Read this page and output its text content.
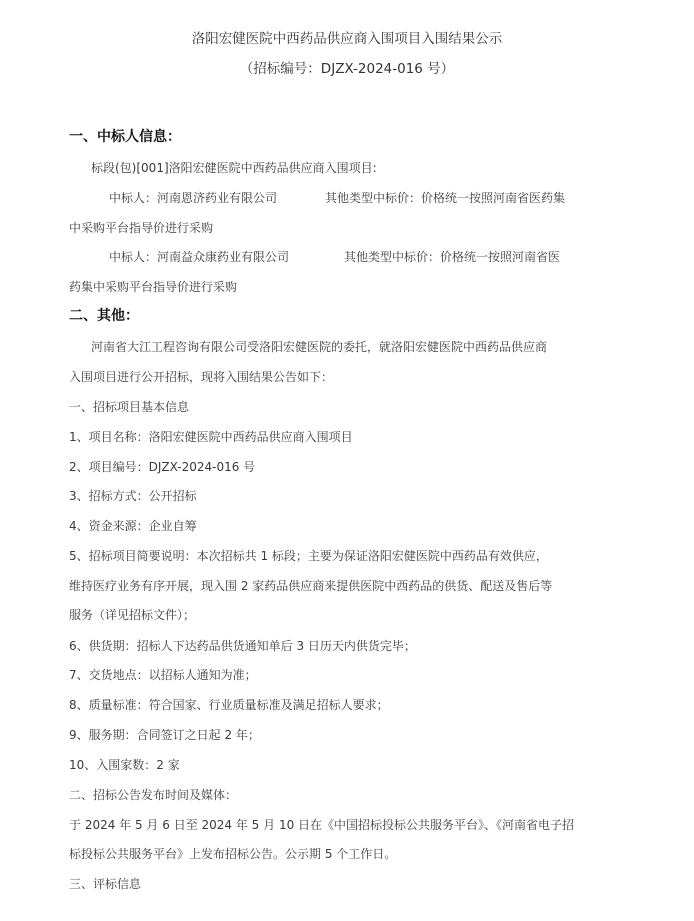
洛阳宏健医院中西药品供应商入围项目入围结果公示
（招标编号：DJZX-2024-016 号）
一、中标人信息：
标段(包)[001]洛阳宏健医院中西药品供应商入围项目:
中标人：河南恩济药业有限公司	其他类型中标价：价格统一按照河南省医药集
中采购平台指导价进行采购
中标人：河南益众康药业有限公司	其他类型中标价：价格统一按照河南省医
药集中采购平台指导价进行采购
二、其他：
河南省大江工程咨询有限公司受洛阳宏健医院的委托，就洛阳宏健医院中西药品供应商
入围项目进行公开招标，现将入围结果公告如下：
一、招标项目基本信息
1、项目名称：洛阳宏健医院中西药品供应商入围项目
2、项目编号：DJZX-2024-016 号
3、招标方式：公开招标
4、资金来源：企业自筹
5、招标项目简要说明：本次招标共 1 标段；主要为保证洛阳宏健医院中西药品有效供应，
维持医疗业务有序开展，现入围 2 家药品供应商来提供医院中西药品的供货、配送及售后等
服务（详见招标文件）；
6、供货期：招标人下达药品供货通知单后 3 日历天内供货完毕；
7、交货地点：以招标人通知为准；
8、质量标准：符合国家、行业质量标准及满足招标人要求；
9、服务期：合同签订之日起 2 年；
10、入围家数：2 家
二、招标公告发布时间及媒体：
于 2024 年 5 月 6 日至 2024 年 5 月 10 日在《中国招标投标公共服务平台》、《河南省电子招
标投标公共服务平台》上发布招标公告。公示期 5 个工作日。
三、评标信息
